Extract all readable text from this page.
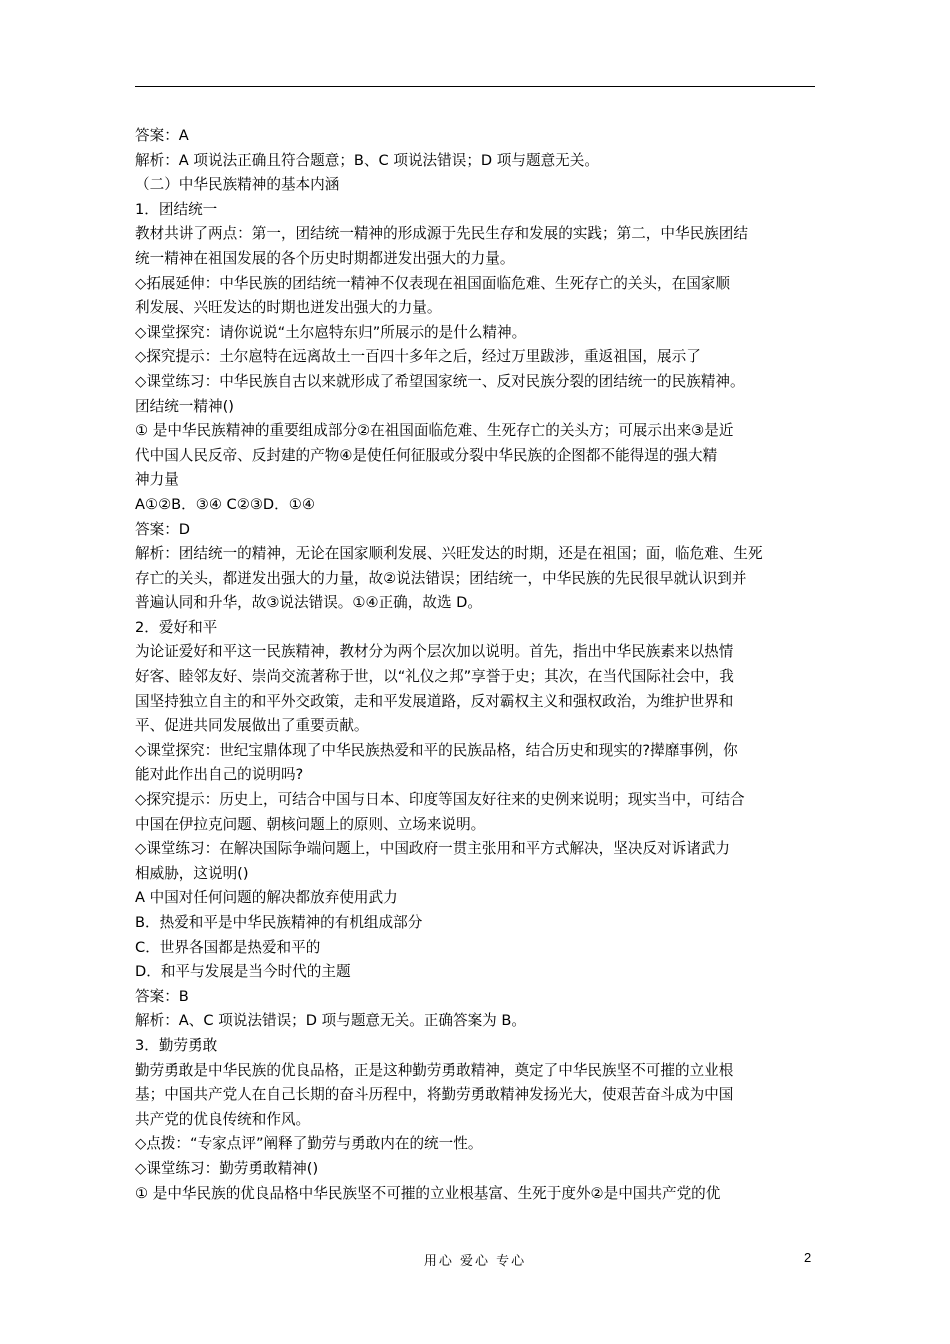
答案：A
解析：A 项说法正确且符合题意；B、C 项说法错误；D 项与题意无关。
（二）中华民族精神的基本内涵
1．团结统一
教材共讲了两点：第一，团结统一精神的形成源于先民生存和发展的实践；第二，中华民族团结
统一精神在祖国发展的各个历史时期都迸发出强大的力量。
◇拓展延伸：中华民族的团结统一精神不仅表现在祖国面临危难、生死存亡的关头，在国家顺
利发展、兴旺发达的时期也迸发出强大的力量。
◇课堂探究：请你说说“土尔扈特东归”所展示的是什么精神。
◇探究提示：土尔扈特在远离故土一百四十多年之后，经过万里跋涉，重返祖国，展示了
◇课堂练习：中华民族自古以来就形成了希望国家统一、反对民族分裂的团结统一的民族精神。
团结统一精神()
① 是中华民族精神的重要组成部分②在祖国面临危难、生死存亡的关头方；可展示出来③是近
代中国人民反帝、反封建的产物④是使任何征服或分裂中华民族的企图都不能得逞的强大精
神力量
A①②B．③④ C②③D．①④
答案：D
解析：团结统一的精神，无论在国家顺利发展、兴旺发达的时期，还是在祖国；面，临危难、生死
存亡的关头，都迸发出强大的力量，故②说法错误；团结统一，中华民族的先民很早就认识到并
普遍认同和升华，故③说法错误。①④正确，故选 D。
2．爱好和平
为论证爱好和平这一民族精神，教材分为两个层次加以说明。首先，指出中华民族素来以热情
好客、睦邻友好、崇尚交流著称于世，以“礼仪之邦”享誉于史；其次，在当代国际社会中，我
国坚持独立自主的和平外交政策，走和平发展道路，反对霸权主义和强权政治，为维护世界和
平、促进共同发展做出了重要贡献。
◇课堂探究：世纪宝鼎体现了中华民族热爱和平的民族品格，结合历史和现实的?撵靡事例，你
能对此作出自己的说明吗?
◇探究提示：历史上，可结合中国与日本、印度等国友好往来的史例来说明；现实当中，可结合
中国在伊拉克问题、朝核问题上的原则、立场来说明。
◇课堂练习：在解决国际争端问题上，中国政府一贯主张用和平方式解决，坚决反对诉诸武力
相威胁，这说明()
A 中国对任何问题的解决都放弃使用武力
B．热爱和平是中华民族精神的有机组成部分
C．世界各国都是热爱和平的
D．和平与发展是当今时代的主题
答案：B
解析：A、C 项说法错误；D 项与题意无关。正确答案为 B。
3．勤劳勇敢
勤劳勇敢是中华民族的优良品格，正是这种勤劳勇敢精神，奠定了中华民族坚不可摧的立业根
基；中国共产党人在自己长期的奋斗历程中，将勤劳勇敢精神发扬光大，使艰苦奋斗成为中国
共产党的优良传统和作风。
◇点拨：“专家点评”阐释了勤劳与勇敢内在的统一性。
◇课堂练习：勤劳勇敢精神()
① 是中华民族的优良品格中华民族坚不可摧的立业根基富、生死于度外②是中国共产党的优
用心 爱心 专心	2
